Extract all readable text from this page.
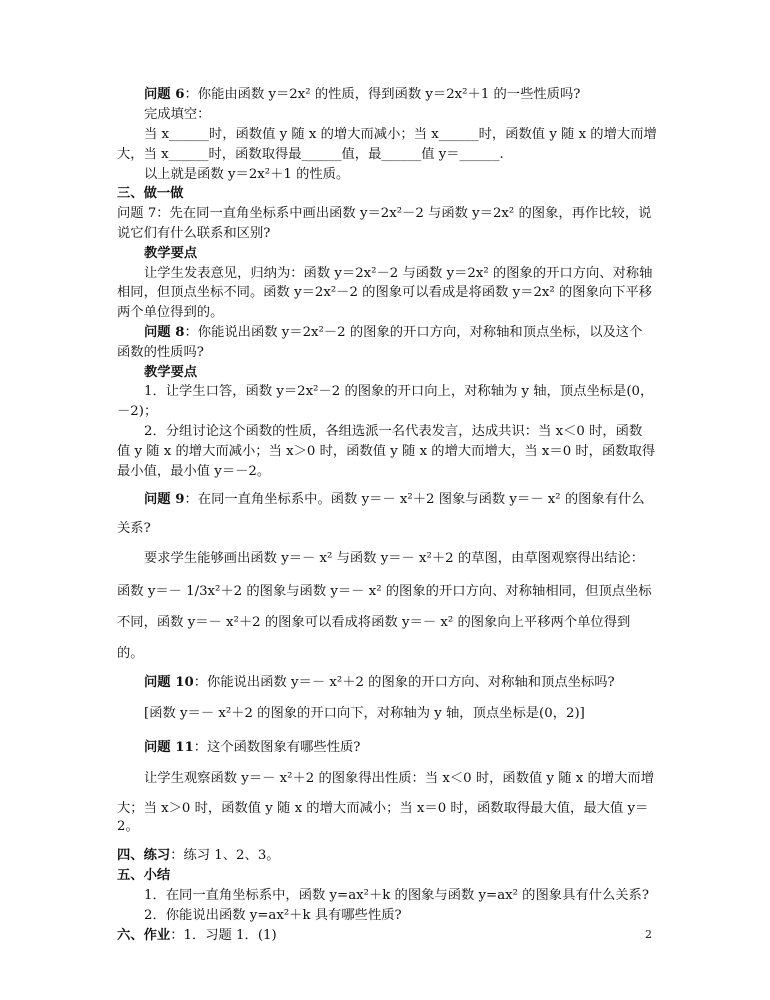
问题 6：你能由函数 y＝2x² 的性质，得到函数 y＝2x²＋1 的一些性质吗?
完成填空：
当 x______时，函数值 y 随 x 的增大而减小；当 x______时，函数值 y 随 x 的增大而增
大，当 x______时，函数取得最______值，最______值 y＝______.
以上就是函数 y＝2x²＋1 的性质。
三、做一做
问题 7：先在同一直角坐标系中画出函数 y＝2x²－2 与函数 y＝2x² 的图象，再作比较，说
说它们有什么联系和区别?
教学要点
让学生发表意见，归纳为：函数 y＝2x²－2 与函数 y＝2x² 的图象的开口方向、对称轴
相同，但顶点坐标不同。函数 y＝2x²－2 的图象可以看成是将函数 y＝2x² 的图象向下平移
两个单位得到的。
问题 8：你能说出函数 y＝2x²－2 的图象的开口方向，对称轴和顶点坐标，以及这个
函数的性质吗?
教学要点
1．让学生口答，函数 y＝2x²－2 的图象的开口向上，对称轴为 y 轴，顶点坐标是(0，
－2)；
2．分组讨论这个函数的性质，各组选派一名代表发言，达成共识：当 x＜0 时，函数
值 y 随 x 的增大而减小；当 x＞0 时，函数值 y 随 x 的增大而增大，当 x＝0 时，函数取得
最小值，最小值 y＝－2。
问题 9：在同一直角坐标系中。函数 y＝－ x²＋2 图象与函数 y＝－ x² 的图象有什么
关系?
要求学生能够画出函数 y＝－ x² 与函数 y＝－ x²＋2 的草图，由草图观察得出结论：
函数 y＝－ 1/3x²＋2 的图象与函数 y＝－ x² 的图象的开口方向、对称轴相同，但顶点坐标
不同，函数 y＝－ x²＋2 的图象可以看成将函数 y＝－ x² 的图象向上平移两个单位得到
的。
问题 10：你能说出函数 y＝－ x²＋2 的图象的开口方向、对称轴和顶点坐标吗?
[函数 y＝－ x²＋2 的图象的开口向下，对称轴为 y 轴，顶点坐标是(0，2)]
问题 11：这个函数图象有哪些性质?
让学生观察函数 y＝－ x²＋2 的图象得出性质：当 x＜0 时，函数值 y 随 x 的增大而增
大；当 x＞0 时，函数值 y 随 x 的增大而减小；当 x＝0 时，函数取得最大值，最大值 y＝
2。
四、练习：练习 1、2、3。
五、小结
1．在同一直角坐标系中，函数 y=ax²＋k 的图象与函数 y=ax² 的图象具有什么关系?
2．你能说出函数 y=ax²＋k 具有哪些性质?
六、作业：1．习题 1．(1)	2
